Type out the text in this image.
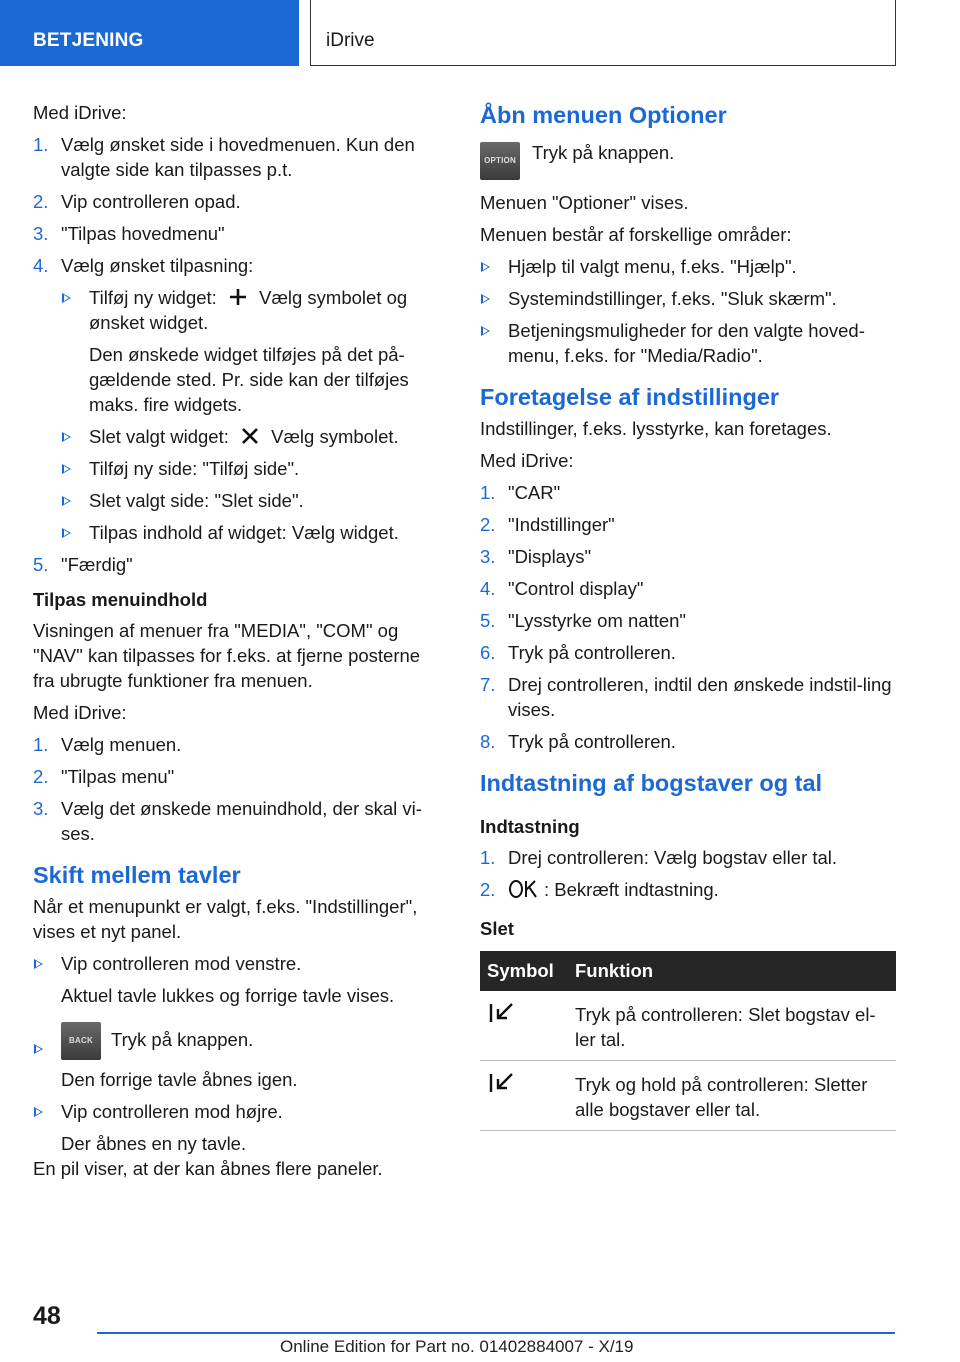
BETJENING	iDrive

Med iDrive:

1. Vælg ønsket side i hovedmenuen. Kun den valgte side kan tilpasses p.t.
2. Vip controlleren opad.
3. "Tilpas hovedmenu"
4. Vælg ønsket tilpasning:
Tilføj ny widget: Vælg symbolet og ønsket widget.
Den ønskede widget tilføjes på det på-gældende sted. Pr. side kan der tilføjes maks. fire widgets.
Slet valgt widget: Vælg symbolet.
Tilføj ny side: "Tilføj side".
Slet valgt side: "Slet side".
Tilpas indhold af widget: Vælg widget.
5. "Færdig"
Tilpas menuindhold

Visningen af menuer fra "MEDIA", "COM" og "NAV" kan tilpasses for f.eks. at fjerne posterne fra ubrugte funktioner fra menuen.

Med iDrive:

1. Vælg menuen.
2. "Tilpas menu"
3. Vælg det ønskede menuindhold, der skal vi-ses.
Skift mellem tavler

Når et menupunkt er valgt, f.eks. "Indstillinger", vises et nyt panel.

Vip controlleren mod venstre.
Aktuel tavle lukkes og forrige tavle vises.
BACK Tryk på knappen.
Den forrige tavle åbnes igen.
Vip controlleren mod højre.
Der åbnes en ny tavle.

En pil viser, at der kan åbnes flere paneler.

Åbn menuen Optioner
OPTION Tryk på knappen.

Menuen "Optioner" vises.

Menuen består af forskellige områder:

Hjælp til valgt menu, f.eks. "Hjælp".
Systemindstillinger, f.eks. "Sluk skærm".
Betjeningsmuligheder for den valgte hoved-menu, f.eks. for "Media/Radio".
Foretagelse af indstillinger

Indstillinger, f.eks. lysstyrke, kan foretages.

Med iDrive:

1. "CAR"
2. "Indstillinger"
3. "Displays"
4. "Control display"
5. "Lysstyrke om natten"
6. Tryk på controlleren.
7. Drej controlleren, indtil den ønskede indstil-ling vises.
8. Tryk på controlleren.
Indtastning af bogstaver og tal
Indtastning
1. Drej controlleren: Vælg bogstav eller tal.
2.	: Bekræft indtastning.
Slet
Symbol	Funktion
	Tryk på controlleren: Slet bogstav el-ler tal.
	Tryk og hold på controlleren: Sletter alle bogstaver eller tal.
48
Online Edition for Part no. 01402884007 - X/19
